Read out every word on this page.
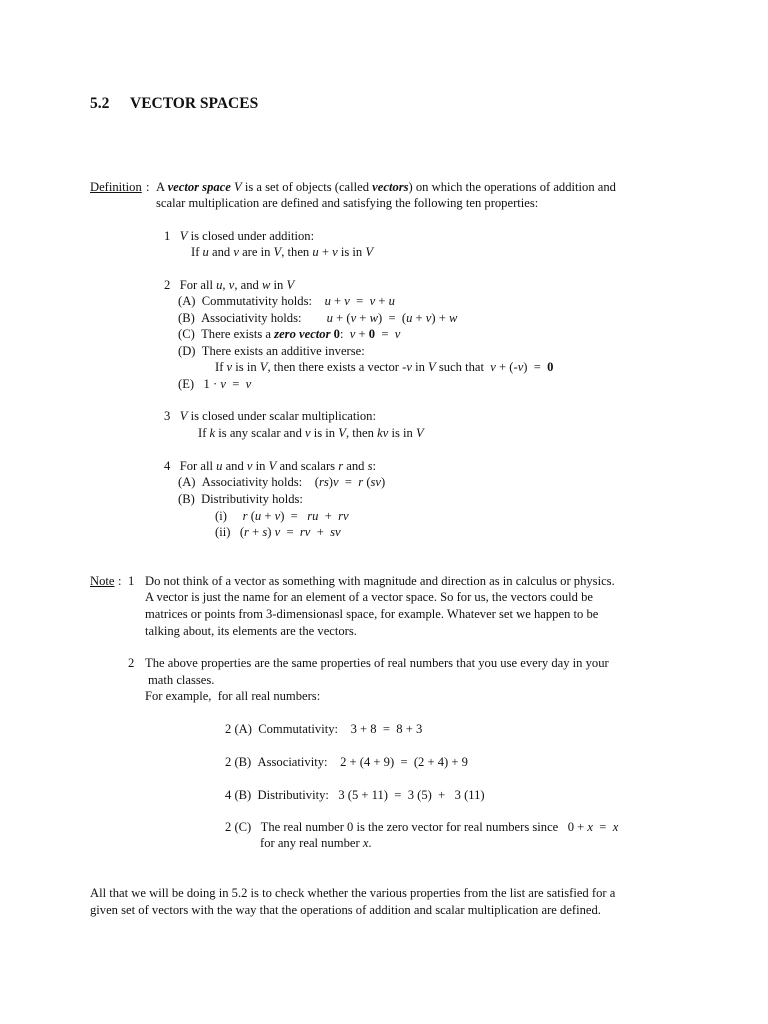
5.2 VECTOR SPACES
Definition : A vector space V is a set of objects (called vectors) on which the operations of addition and
scalar multiplication are defined and satisfying the following ten properties:
1   V is closed under addition:
If u and v are in V, then u + v is in V
2   For all u, v, and w in V
(A)  Commutativity holds:    u + v  =  v + u
(B)  Associativity holds:        u + (v + w)  =  (u + v) + w
(C)  There exists a zero vector 0:  v + 0  =  v
(D)  There exists an additive inverse:
If v is in V, then there exists a vector -v in V such that  v + (-v)  =  0
(E)   1 · v  =  v
3   V is closed under scalar multiplication:
If k is any scalar and v is in V, then kv is in V
4   For all u and v in V and scalars r and s:
(A)  Associativity holds:    (rs)v  =  r (sv)
(B)  Distributivity holds:
(i)     r (u + v)  =   ru  +  rv
(ii)   (r + s) v  =  rv  +  sv
Note : 1 Do not think of a vector as something with magnitude and direction as in calculus or physics.
A vector is just the name for an element of a vector space. So for us, the vectors could be
matrices or points from 3-dimensionasl space, for example. Whatever set we happen to be
talking about, its elements are the vectors.
2 The above properties are the same properties of real numbers that you use every day in your
math classes.
For example,  for all real numbers:
2 (A)  Commutativity:    3 + 8  =  8 + 3
2 (B)  Associativity:    2 + (4 + 9)  =  (2 + 4) + 9
4 (B)  Distributivity:   3 (5 + 11)  =  3 (5)  +   3 (11)
2 (C)   The real number 0 is the zero vector for real numbers since   0 + x  =  x
for any real number x.
All that we will be doing in 5.2 is to check whether the various properties from the list are satisfied for a
given set of vectors with the way that the operations of addition and scalar multiplication are defined.
